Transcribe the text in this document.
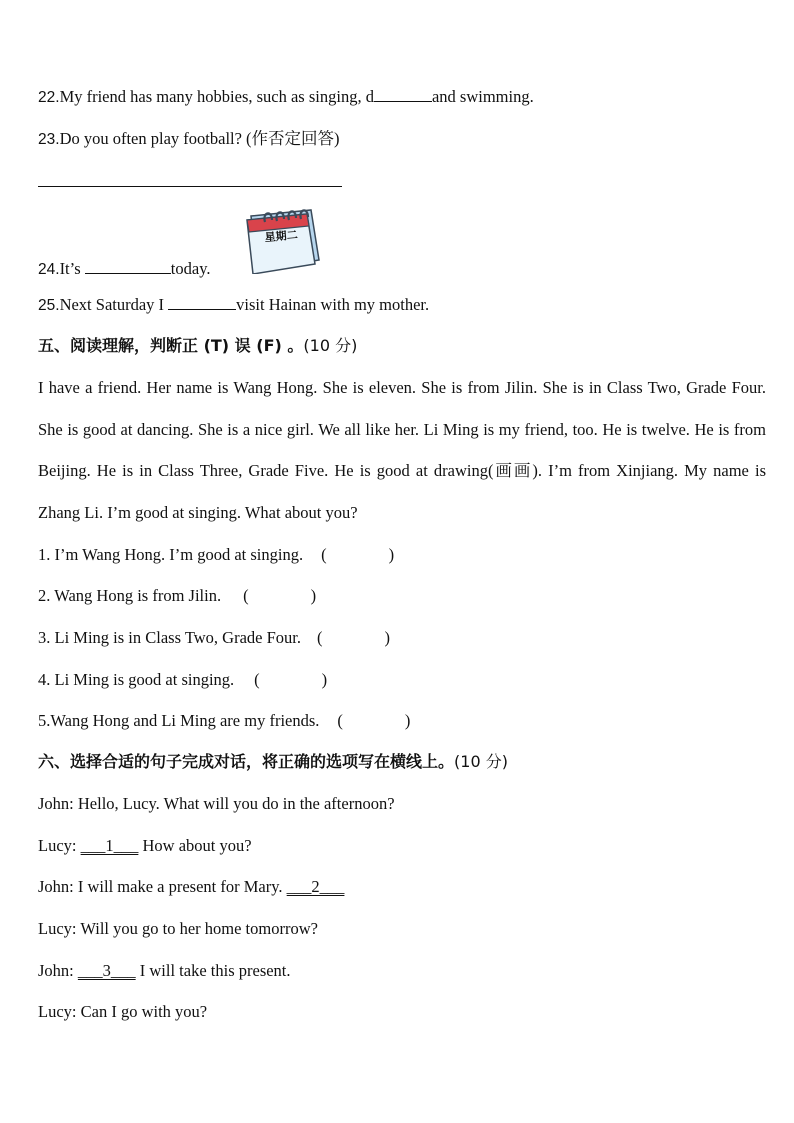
22.My friend has many hobbies, such as singing, d	and swimming.
23.Do you often play football? (作否定回答)
星期二
24.It’s	today.
25.Next Saturday I	visit Hainan with my mother.
五、阅读理解，判断正 (T) 误 (F) 。(10 分)
I have a friend. Her name is Wang Hong. She is eleven. She is from Jilin. She is in Class Two, Grade Four. She is good at dancing. She is a nice girl. We all like her. Li Ming is my friend, too. He is twelve. He is from Beijing. He is in Class Three, Grade Five. He is good at drawing(画画). I’m from Xinjiang. My name is Zhang Li. I’m good at singing. What about you?
1. I’m Wang Hong. I’m good at singing. (	)
2. Wang Hong is from Jilin. (	)
3. Li Ming is in Class Two, Grade Four. (	)
4. Li Ming is good at singing. (	)
5.Wang Hong and Li Ming are my friends. (	)
六、选择合适的句子完成对话，将正确的选项写在横线上。(10 分)
John: Hello, Lucy. What will you do in the afternoon?
Lucy: ___1___ How about you?
John: I will make a present for Mary. ___2___
Lucy: Will you go to her home tomorrow?
John: ___3___ I will take this present.
Lucy: Can I go with you?
